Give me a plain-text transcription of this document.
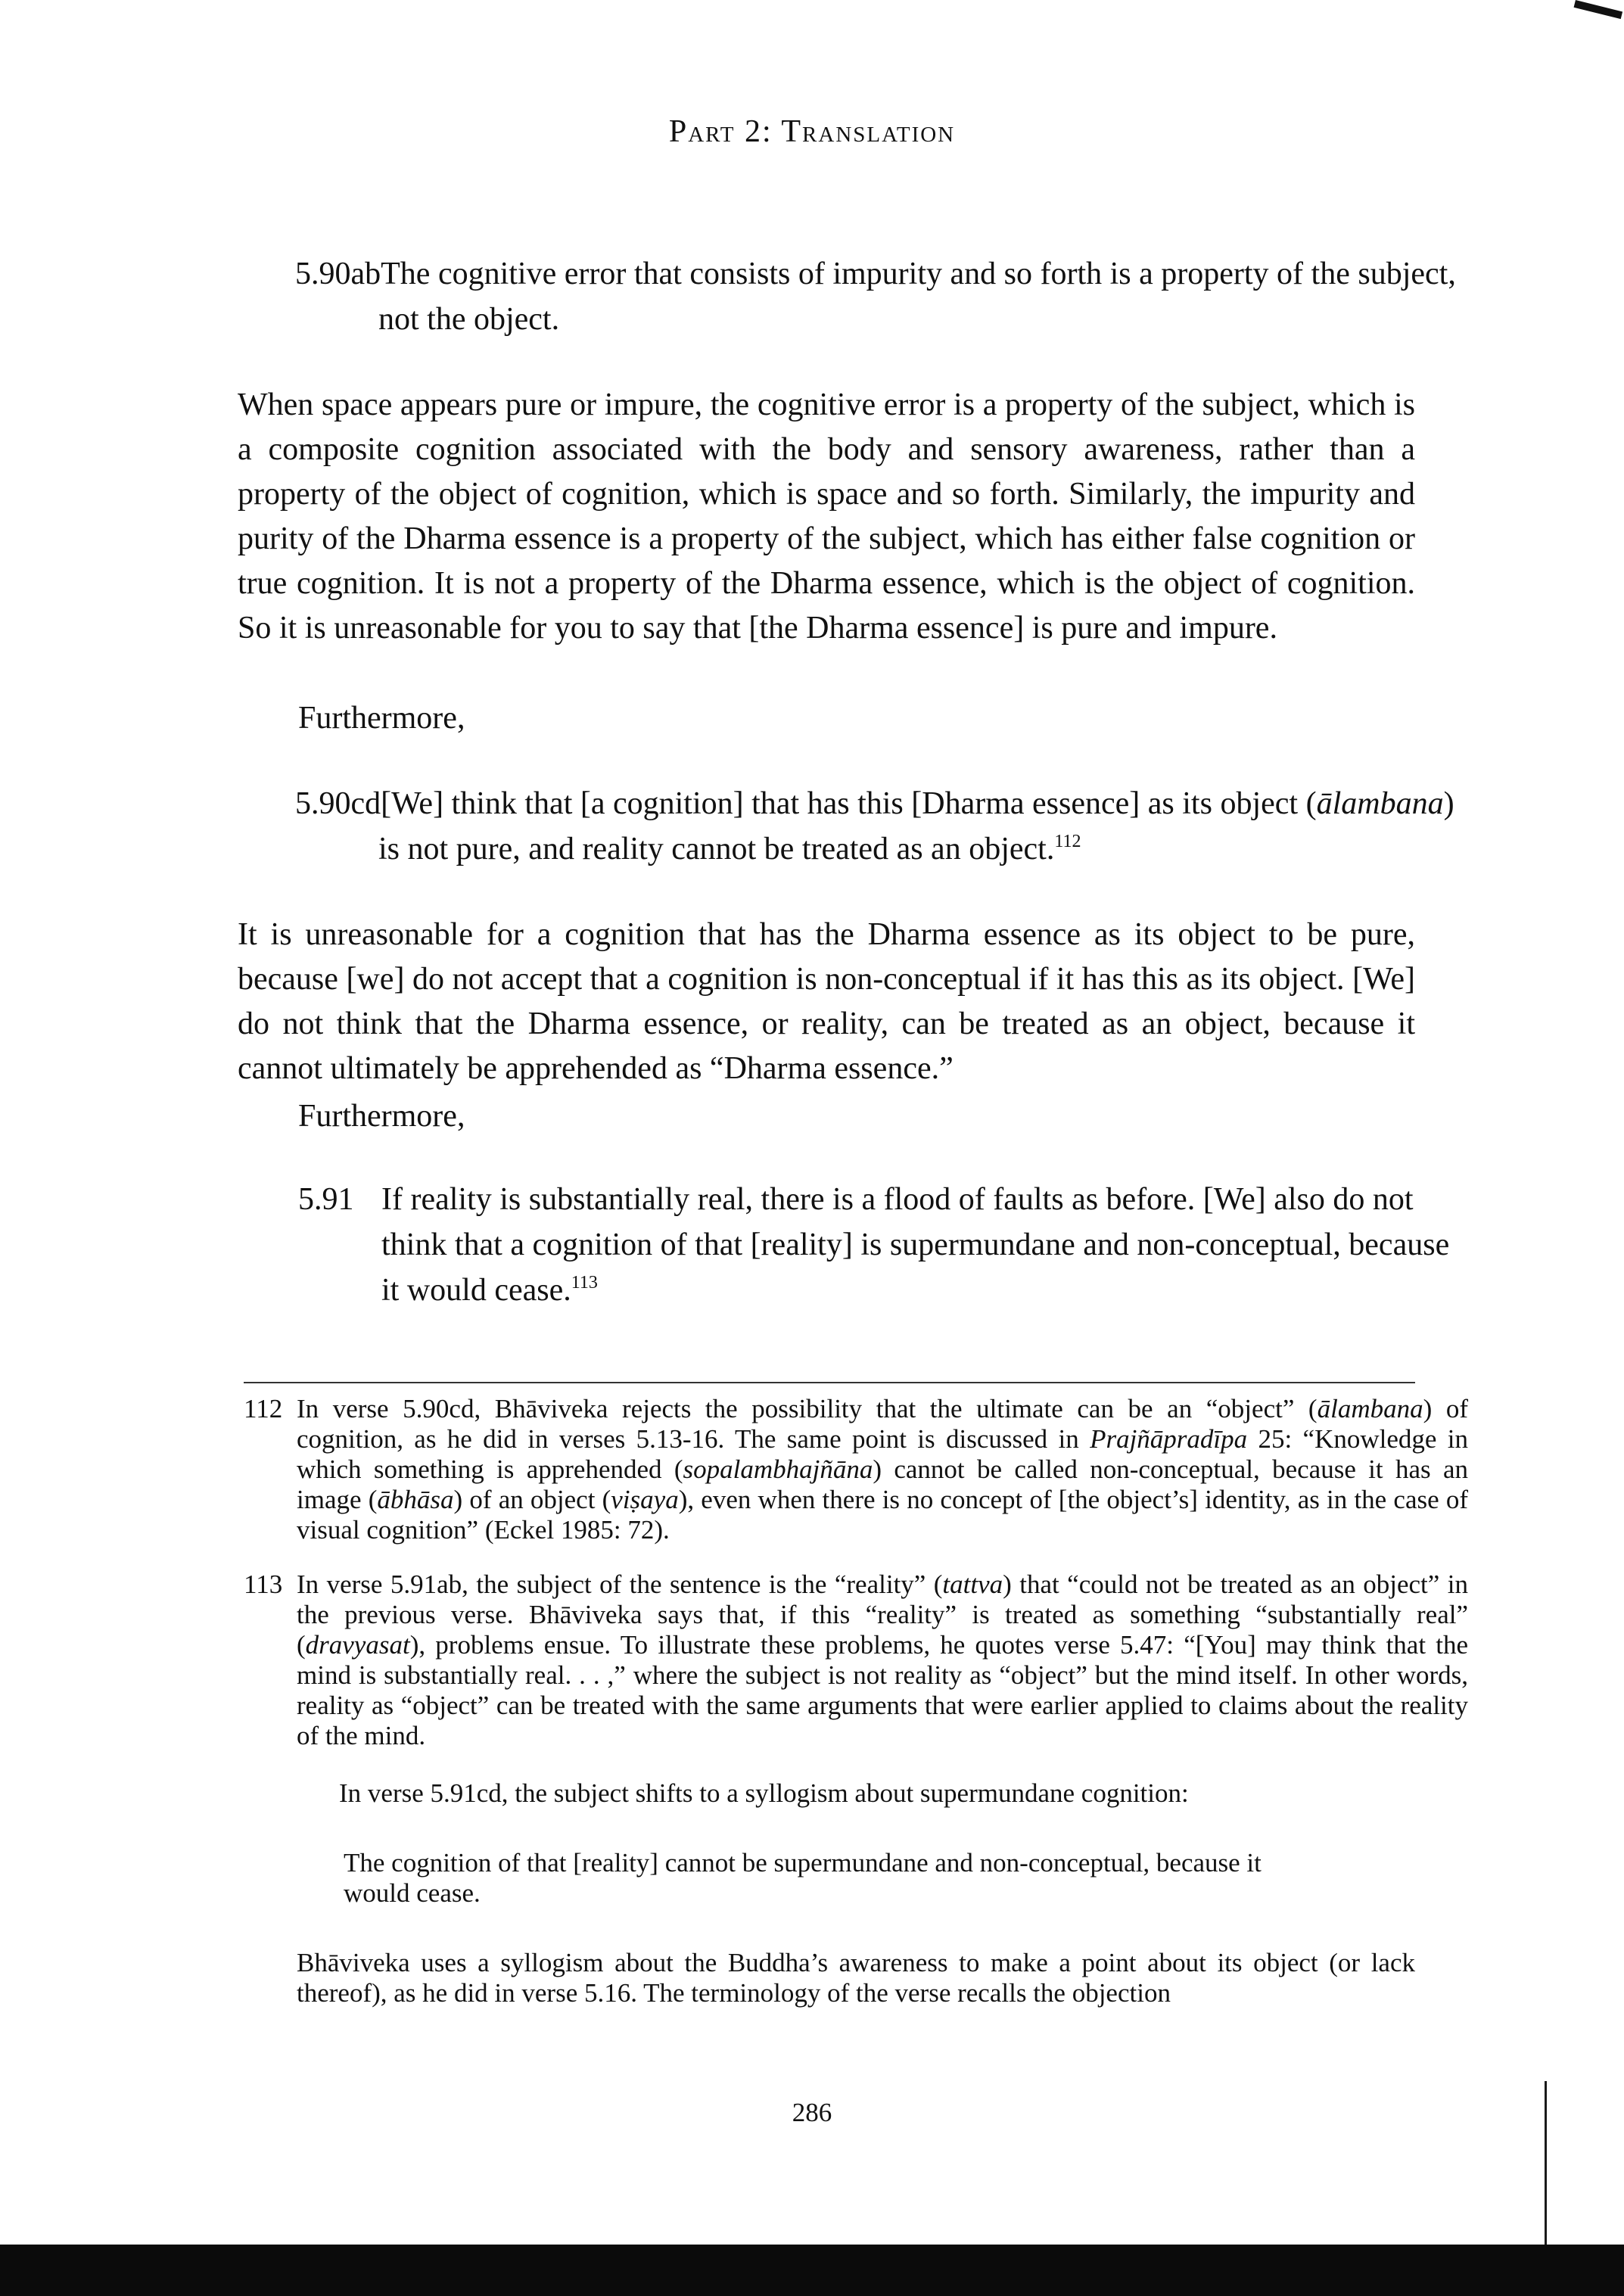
Part 2: Translation
5.90abThe cognitive error that consists of impurity and so forth is a property of the subject, not the object.
When space appears pure or impure, the cognitive error is a property of the subject, which is a composite cognition associated with the body and sensory awareness, rather than a property of the object of cognition, which is space and so forth. Similarly, the impurity and purity of the Dharma essence is a property of the subject, which has either false cognition or true cognition. It is not a property of the Dharma essence, which is the object of cognition. So it is unreasonable for you to say that [the Dharma essence] is pure and impure.
Furthermore,
5.90cd[We] think that [a cognition] that has this [Dharma essence] as its object (ālambana) is not pure, and reality cannot be treated as an object.$^{112}$
It is unreasonable for a cognition that has the Dharma essence as its object to be pure, because [we] do not accept that a cognition is non-conceptual if it has this as its object. [We] do not think that the Dharma essence, or reality, can be treated as an object, because it cannot ultimately be apprehended as “Dharma essence.”
Furthermore,
5.91 If reality is substantially real, there is a flood of faults as before. [We] also do not think that a cognition of that [reality] is supermundane and non-conceptual, because it would cease.$^{113}$
112 In verse 5.90cd, Bhāviveka rejects the possibility that the ultimate can be an “object” (ālambana) of cognition, as he did in verses 5.13-16. The same point is discussed in Prajñāpradīpa 25: “Knowledge in which something is apprehended (sopalambhajñāna) cannot be called non-conceptual, because it has an image (ābhāsa) of an object (viṣaya), even when there is no concept of [the object’s] identity, as in the case of visual cognition” (Eckel 1985: 72).
113 In verse 5.91ab, the subject of the sentence is the “reality” (tattva) that “could not be treated as an object” in the previous verse. Bhāviveka says that, if this “reality” is treated as something “substantially real” (dravyasat), problems ensue. To illustrate these problems, he quotes verse 5.47: “[You] may think that the mind is substantially real. . . ,” where the subject is not reality as “object” but the mind itself. In other words, reality as “object” can be treated with the same arguments that were earlier applied to claims about the reality of the mind.
In verse 5.91cd, the subject shifts to a syllogism about supermundane cognition:
The cognition of that [reality] cannot be supermundane and non-conceptual, because it would cease.
Bhāviveka uses a syllogism about the Buddha’s awareness to make a point about its object (or lack thereof), as he did in verse 5.16. The terminology of the verse recalls the objection
286
